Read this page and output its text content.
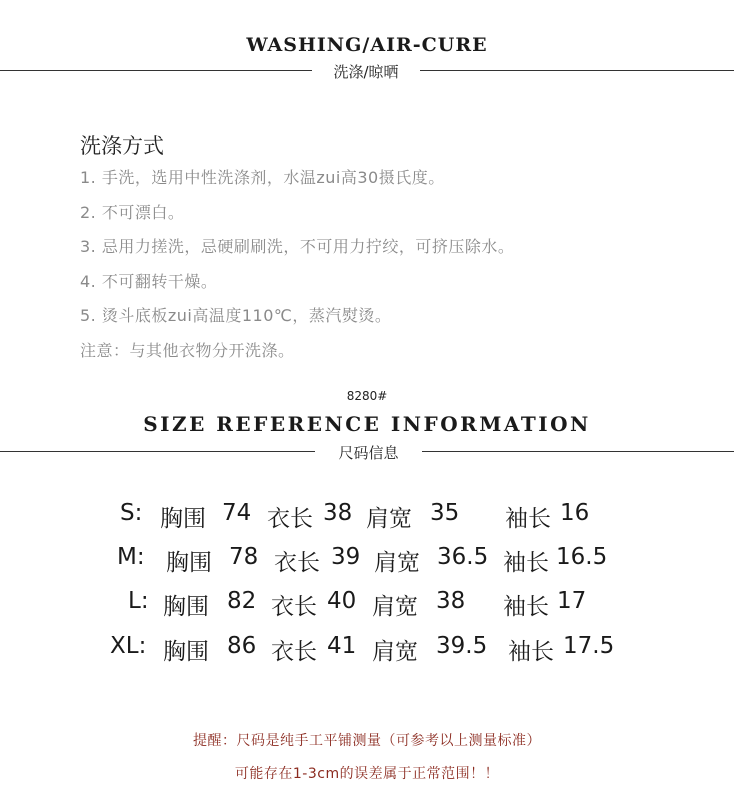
WASHING/AIR-CURE
洗涤/晾晒
洗涤方式
1. 手洗，选用中性洗涤剂，水温zui高30摄氏度。
2. 不可漂白。
3. 忌用力搓洗，忌硬刷刷洗，不可用力拧绞，可挤压除水。
4. 不可翻转干燥。
5. 烫斗底板zui高温度110℃，蒸汽熨烫。
注意：与其他衣物分开洗涤。
8280#
SIZE REFERENCE INFORMATION
尺码信息
S: 胸围 74 衣长 38 肩宽 35 袖长 16
M: 胸围 78 衣长 39 肩宽 36.5 袖长 16.5
L: 胸围 82 衣长 40 肩宽 38 袖长 17
XL: 胸围 86 衣长 41 肩宽 39.5 袖长 17.5
提醒：尺码是纯手工平铺测量（可参考以上测量标准）
可能存在1-3cm的误差属于正常范围！！
